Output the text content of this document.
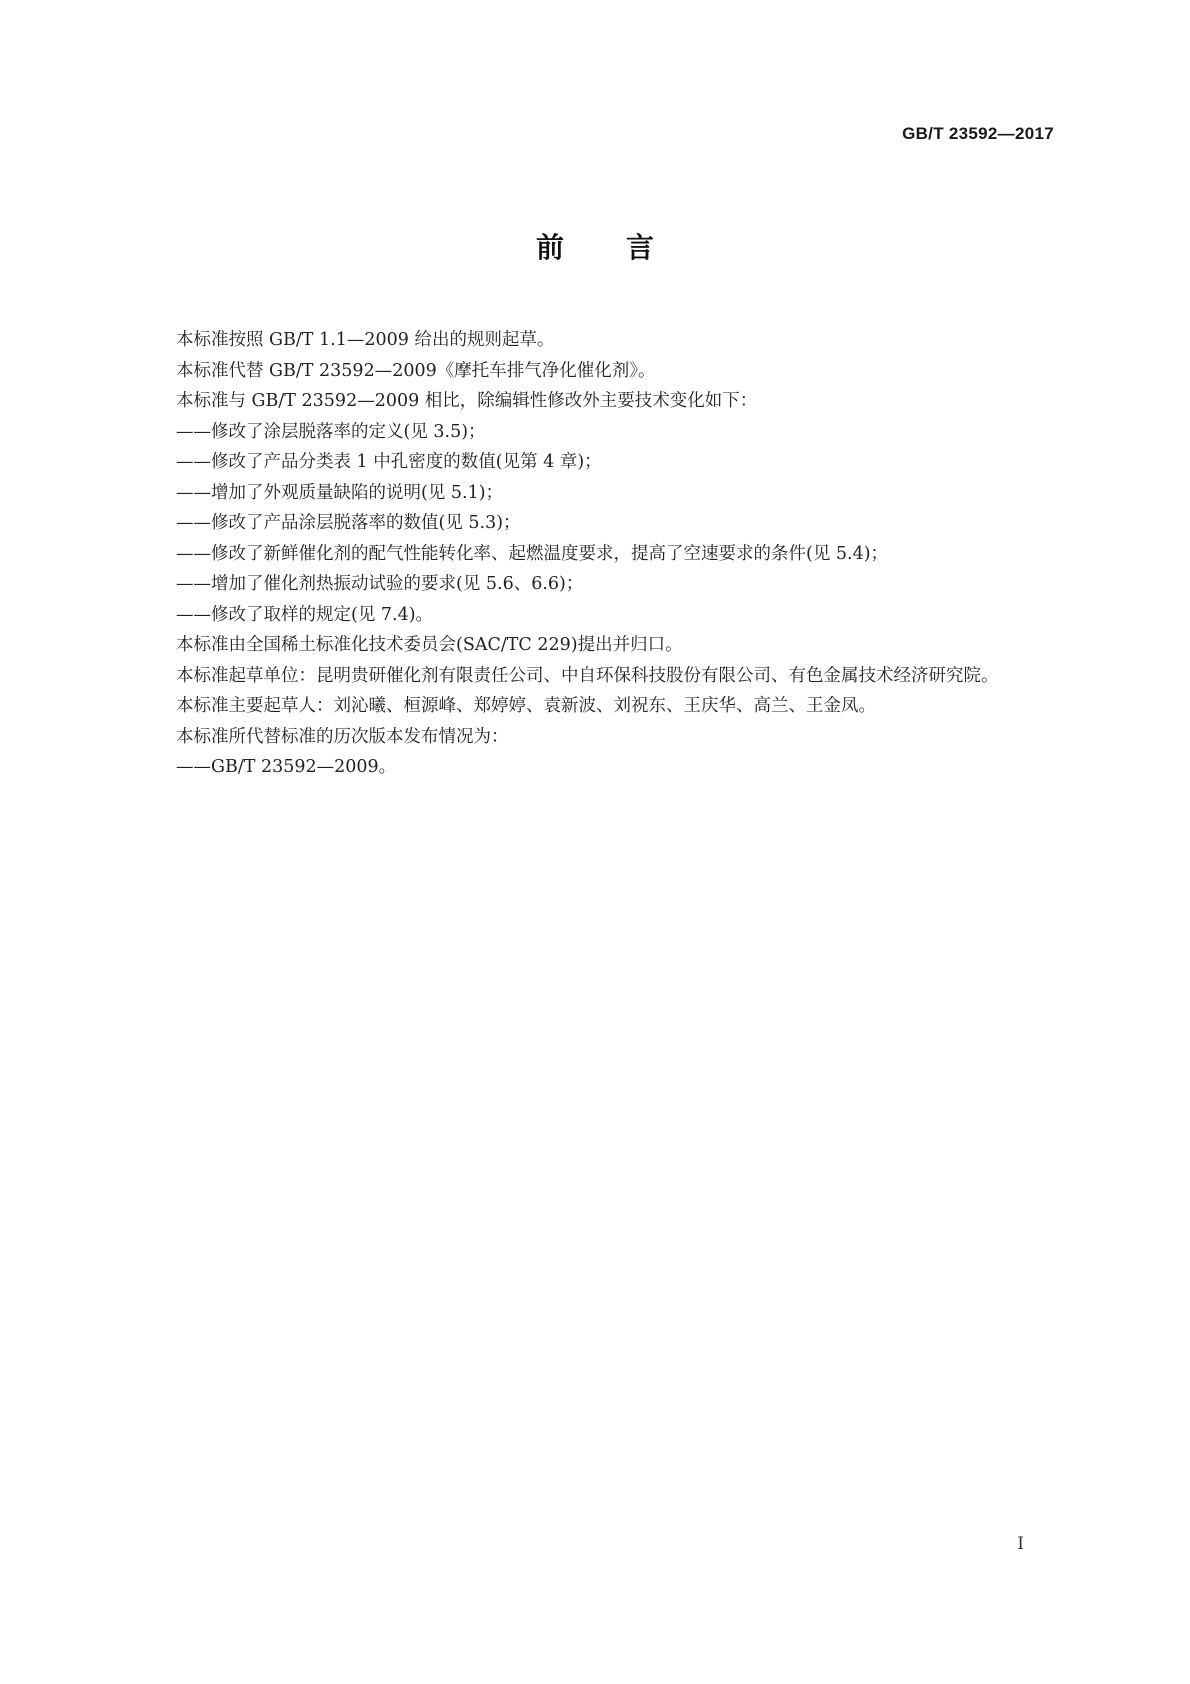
GB/T 23592—2017
前言

本标准按照 GB/T 1.1—2009 给出的规则起草。

本标准代替 GB/T 23592—2009《摩托车排气净化催化剂》。

本标准与 GB/T 23592—2009 相比，除编辑性修改外主要技术变化如下：

——修改了涂层脱落率的定义(见 3.5)；

——修改了产品分类表 1 中孔密度的数值(见第 4 章)；

——增加了外观质量缺陷的说明(见 5.1)；

——修改了产品涂层脱落率的数值(见 5.3)；

——修改了新鲜催化剂的配气性能转化率、起燃温度要求，提高了空速要求的条件(见 5.4)；

——增加了催化剂热振动试验的要求(见 5.6、6.6)；

——修改了取样的规定(见 7.4)。

本标准由全国稀土标准化技术委员会(SAC/TC 229)提出并归口。

本标准起草单位：昆明贵研催化剂有限责任公司、中自环保科技股份有限公司、有色金属技术经济研究院。

本标准主要起草人：刘沁曦、桓源峰、郑婷婷、袁新波、刘祝东、王庆华、高兰、王金凤。

本标准所代替标准的历次版本发布情况为：

——GB/T 23592—2009。

I
